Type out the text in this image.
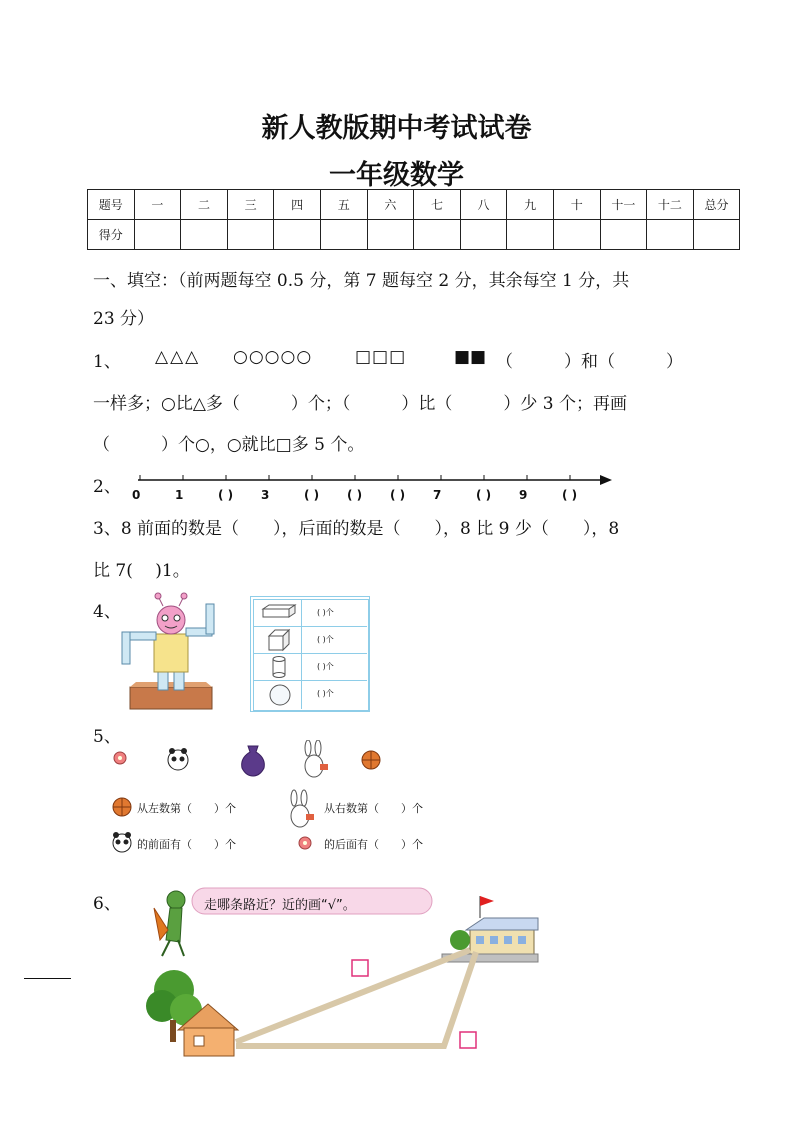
新人教版期中考试试卷
一年级数学
题号	一	二	三	四	五	六	七	八	九	十	十一	十二	总分
得分													
一、填空：（前两题每空 0.5 分，第 7 题每空 2 分，其余每空 1 分，共
23 分）
1、 △△△ ○○○○○	□□□	■■ （　　　）和（　　　）
一样多；○比△多（　　　）个；（　　　）比（　　　）少 3 个；再画
（　　　）个○，○就比□多 5 个。
2、 0	1	( ) 3	( ) ( ) ( ) 7	( ) 9	( )
3、8 前面的数是（　　），后面的数是（　　），8 比 9 少（　　），8
比 7(　 )1。
4、	( )个
( )个
( )个
( )个
5、
从左数第（　　）个	从右数第（　　）个
的前面有（　　）个	的后面有（　　）个
6、	走哪条路近？近的画“√”。
